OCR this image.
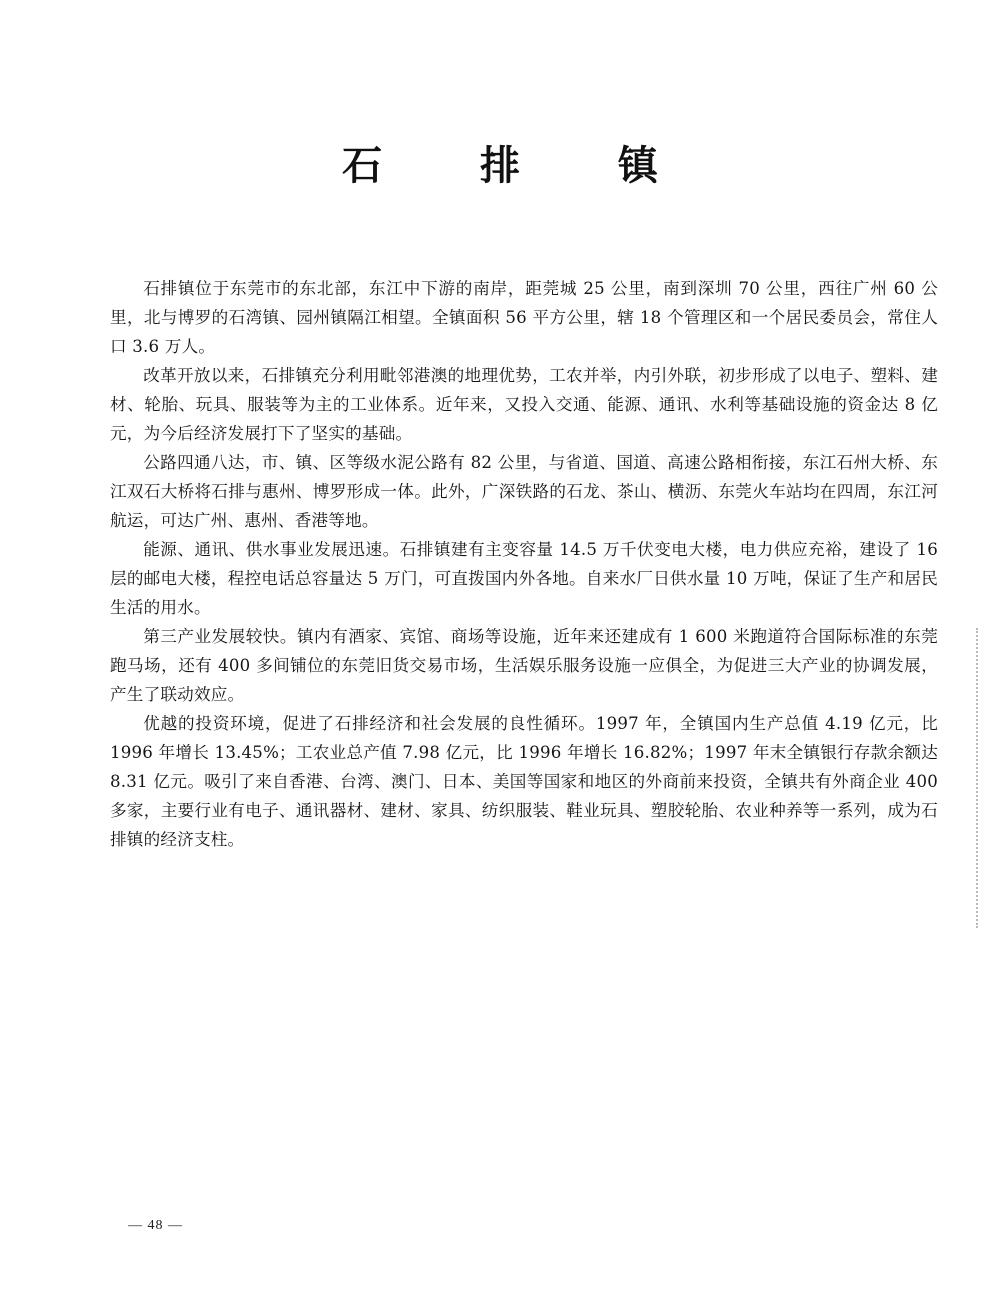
石 排 镇

石排镇位于东莞市的东北部，东江中下游的南岸，距莞城 25 公里，南到深圳 70 公里，西往广州 60 公里，北与博罗的石湾镇、园州镇隔江相望。全镇面积 56 平方公里，辖 18 个管理区和一个居民委员会，常住人口 3.6 万人。

改革开放以来，石排镇充分利用毗邻港澳的地理优势，工农并举，内引外联，初步形成了以电子、塑料、建材、轮胎、玩具、服装等为主的工业体系。近年来，又投入交通、能源、通讯、水利等基础设施的资金达 8 亿元，为今后经济发展打下了坚实的基础。

公路四通八达，市、镇、区等级水泥公路有 82 公里，与省道、国道、高速公路相衔接，东江石州大桥、东江双石大桥将石排与惠州、博罗形成一体。此外，广深铁路的石龙、茶山、横沥、东莞火车站均在四周，东江河航运，可达广州、惠州、香港等地。

能源、通讯、供水事业发展迅速。石排镇建有主变容量 14.5 万千伏变电大楼，电力供应充裕，建设了 16 层的邮电大楼，程控电话总容量达 5 万门，可直拨国内外各地。自来水厂日供水量 10 万吨，保证了生产和居民生活的用水。

第三产业发展较快。镇内有酒家、宾馆、商场等设施，近年来还建成有 1 600 米跑道符合国际标准的东莞跑马场，还有 400 多间铺位的东莞旧货交易市场，生活娱乐服务设施一应俱全，为促进三大产业的协调发展，产生了联动效应。

优越的投资环境，促进了石排经济和社会发展的良性循环。1997 年，全镇国内生产总值 4.19 亿元，比 1996 年增长 13.45%；工农业总产值 7.98 亿元，比 1996 年增长 16.82%；1997 年末全镇银行存款余额达 8.31 亿元。吸引了来自香港、台湾、澳门、日本、美国等国家和地区的外商前来投资，全镇共有外商企业 400 多家，主要行业有电子、通讯器材、建材、家具、纺织服装、鞋业玩具、塑胶轮胎、农业种养等一系列，成为石排镇的经济支柱。

— 48 —
